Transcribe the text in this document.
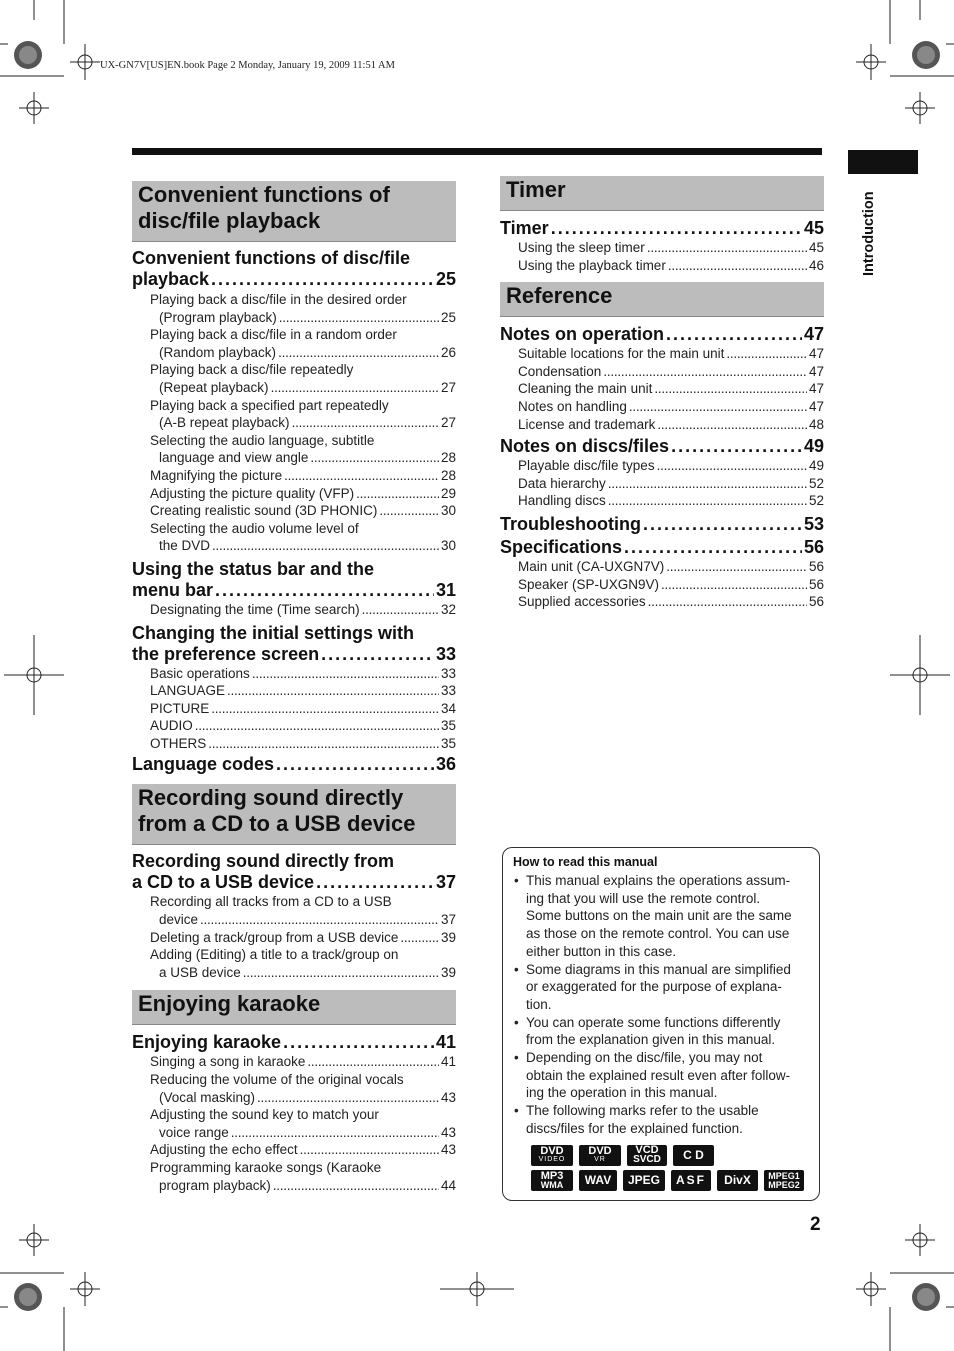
UX-GN7V[US]EN.book Page 2 Monday, January 19, 2009 11:51 AM
Introduction
2
Convenient functions of disc/file playback
Convenient functions of disc/file
playback . . .	25
Playing back a disc/file in the desired order
(Program playback) . . .	25
Playing back a disc/file in a random order
(Random playback) . . .	26
Playing back a disc/file repeatedly
(Repeat playback) . . .	27
Playing back a specified part repeatedly
(A-B repeat playback) . . .	27
Selecting the audio language, subtitle
language and view angle . . .	28
Magnifying the picture . . .	28
Adjusting the picture quality (VFP) . . .	29
Creating realistic sound (3D PHONIC) . . .	30
Selecting the audio volume level of
the DVD . . .	30
Using the status bar and the
menu bar . . .	31
Designating the time (Time search) . . .	32
Changing the initial settings with
the preference screen . . .	33
Basic operations . . .	33
LANGUAGE . . .	33
PICTURE . . .	34
AUDIO . . .	35
OTHERS . . .	35
Language codes . . .	36
Recording sound directly from a CD to a USB device
Recording sound directly from
a CD to a USB device . . .	37
Recording all tracks from a CD to a USB
device . . .	37
Deleting a track/group from a USB device . . .	39
Adding (Editing) a title to a track/group on
a USB device . . .	39
Enjoying karaoke
Enjoying karaoke . . .	41
Singing a song in karaoke . . .	41
Reducing the volume of the original vocals
(Vocal masking) . . .	43
Adjusting the sound key to match your
voice range . . .	43
Adjusting the echo effect . . .	43
Programming karaoke songs (Karaoke
program playback) . . .	44
Timer
Timer . . .	45
Using the sleep timer . . .	45
Using the playback timer . . .	46
Reference
Notes on operation . . .	47
Suitable locations for the main unit . . .	47
Condensation . . .	47
Cleaning the main unit . . .	47
Notes on handling . . .	47
License and trademark . . .	48
Notes on discs/files . . .	49
Playable disc/file types . . .	49
Data hierarchy . . .	52
Handling discs . . .	52
Troubleshooting . . .	53
Specifications . . .	56
Main unit (CA-UXGN7V) . . .	56
Speaker (SP-UXGN9V) . . .	56
Supplied accessories . . .	56
How to read this manual
• This manual explains the operations assum-
ing that you will use the remote control.
Some buttons on the main unit are the same
as those on the remote control. You can use
either button in this case.
• Some diagrams in this manual are simplified
or exaggerated for the purpose of explana-
tion.
• You can operate some functions differently
from the explanation given in this manual.
• Depending on the disc/file, you may not
obtain the explained result even after follow-
ing the operation in this manual.
• The following marks refer to the usable
discs/files for the explained function.
DVD
VIDEO
DVD
VR
VCD
SVCD C D
MP3
WMA WAV JPEG ASF DivX MPEG1
MPEG2
